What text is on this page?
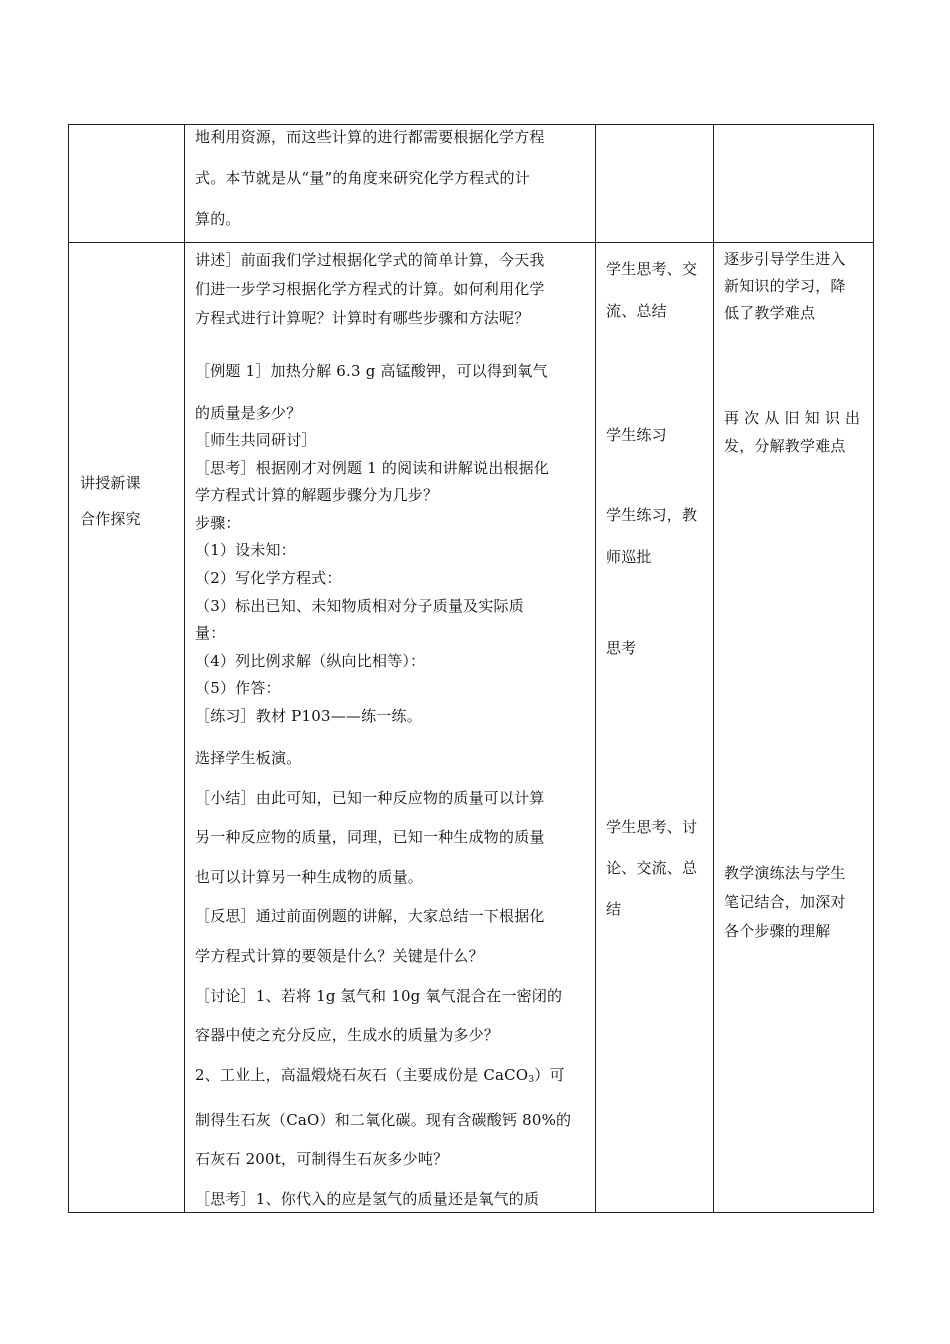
地利用资源，而这些计算的进行都需要根据化学方程
式。本节就是从“量”的角度来研究化学方程式的计
算的。
讲授新课
合作探究
讲述］前面我们学过根据化学式的简单计算，今天我
们进一步学习根据化学方程式的计算。如何利用化学
方程式进行计算呢？计算时有哪些步骤和方法呢？
［例题 1］加热分解 6.3 g 高锰酸钾，可以得到氧气
的质量是多少？
［师生共同研讨］
［思考］根据刚才对例题 1 的阅读和讲解说出根据化
学方程式计算的解题步骤分为几步？
步骤：
（1）设未知：
（2）写化学方程式：
（3）标出已知、未知物质相对分子质量及实际质
量：
（4）列比例求解（纵向比相等）：
（5）作答：
［练习］教材 P103——练一练。
选择学生板演。
［小结］由此可知，已知一种反应物的质量可以计算
另一种反应物的质量，同理，已知一种生成物的质量
也可以计算另一种生成物的质量。
［反思］通过前面例题的讲解，大家总结一下根据化
学方程式计算的要领是什么？关键是什么？
［讨论］1、若将 1g 氢气和 10g 氧气混合在一密闭的
容器中使之充分反应，生成水的质量为多少？
2、工业上，高温煅烧石灰石（主要成份是 CaCO$_3$）可
制得生石灰（CaO）和二氧化碳。现有含碳酸钙 80%的
石灰石 200t，可制得生石灰多少吨？
［思考］1、你代入的应是氢气的质量还是氧气的质
学生思考、交
流、总结
学生练习
学生练习，教
师巡批
思考
学生思考、讨
论、交流、总
结
逐步引导学生进入
新知识的学习，降
低了教学难点
再 次 从 旧 知 识 出
发，分解教学难点
教学演练法与学生
笔记结合，加深对
各个步骤的理解
